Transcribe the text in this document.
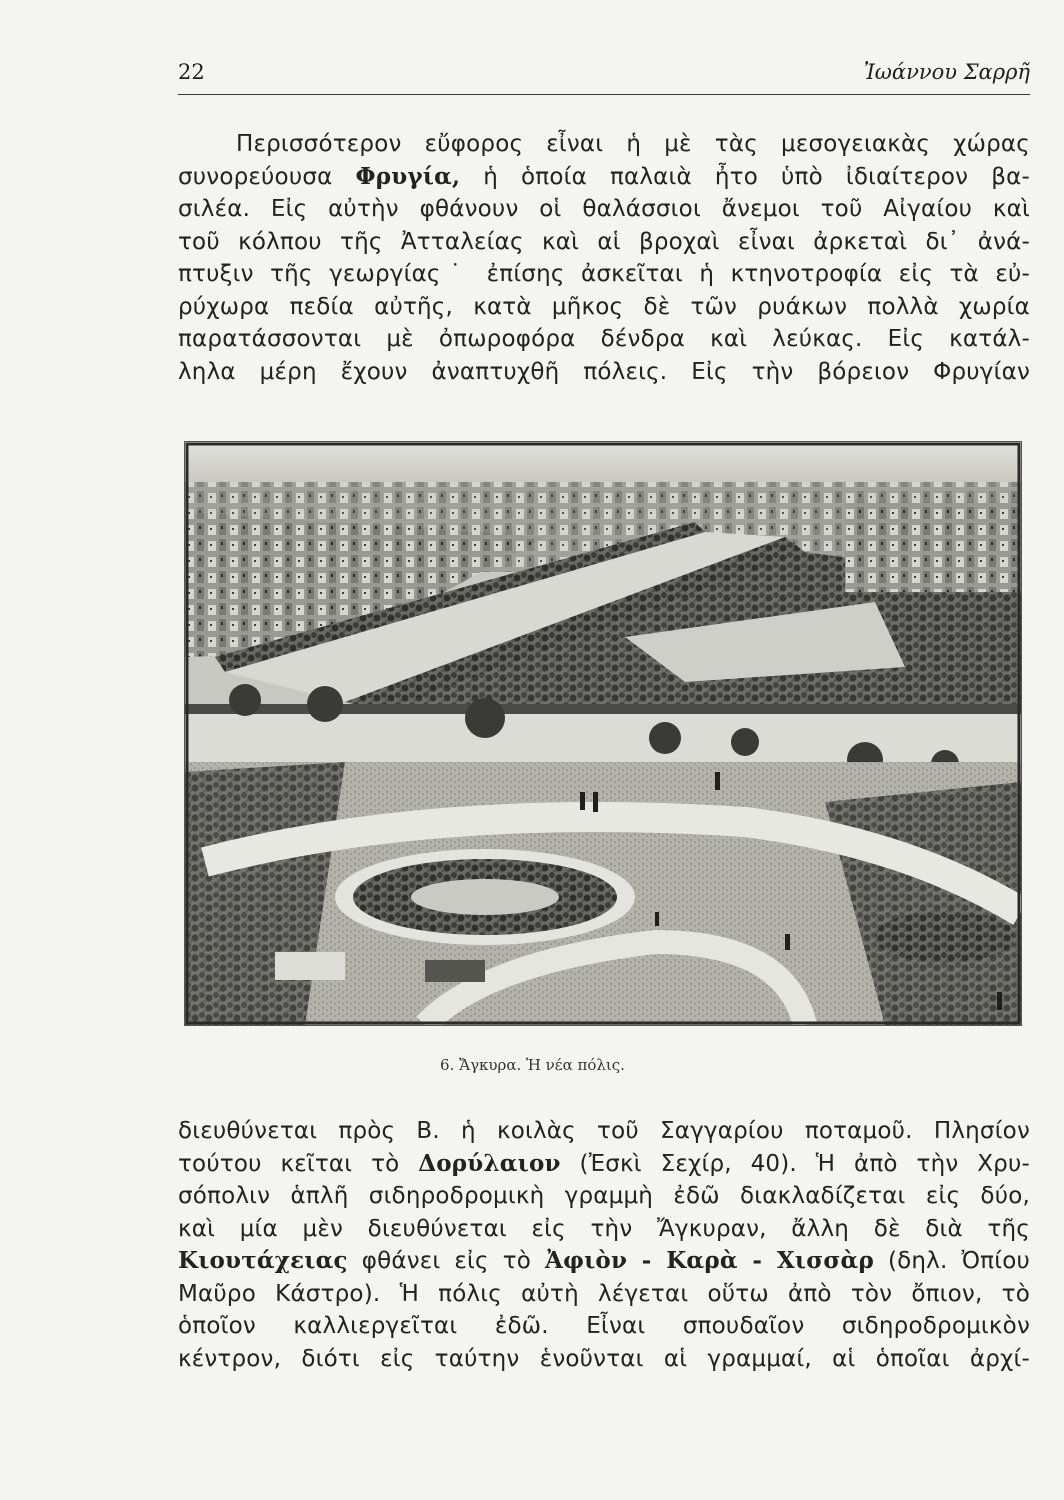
22	Ἰωάννου Σαρρῆ

Περισσότερον εὔφορος εἶναι ἡ μὲ τὰς μεσογειακὰς χώρας
συνορεύουσα Φρυγία, ἡ ὁποία παλαιὰ ἦτο ὑπὸ ἰδιαίτερον βα-
σιλέα. Εἰς αὐτὴν φθάνουν οἱ θαλάσσιοι ἄνεμοι τοῦ Αἰγαίου καὶ
τοῦ κόλπου τῆς Ἀτταλείας καὶ αἱ βροχαὶ εἶναι ἀρκεταὶ δι᾿ ἀνά-
πτυξιν τῆς γεωργίας˙ ἐπίσης ἀσκεῖται ἡ κτηνοτροφία εἰς τὰ εὐ-
ρύχωρα πεδία αὐτῆς, κατὰ μῆκος δὲ τῶν ρυάκων πολλὰ χωρία
παρατάσσονται μὲ ὀπωροφόρα δένδρα καὶ λεύκας. Εἰς κατάλ-
ληλα μέρη ἔχουν ἀναπτυχθῆ πόλεις. Εἰς τὴν βόρειον Φρυγίαν

6. Ἄγκυρα. Ἡ νέα πόλις.

διευθύνεται πρὸς Β. ἡ κοιλὰς τοῦ Σαγγαρίου ποταμοῦ. Πλησίον
τούτου κεῖται τὸ Δορύλαιον (Ἐσκὶ Σεχίρ, 40). Ἡ ἀπὸ τὴν Χρυ-
σόπολιν ἁπλῆ σιδηροδρομικὴ γραμμὴ ἐδῶ διακλαδίζεται εἰς δύο,
καὶ μία μὲν διευθύνεται εἰς τὴν Ἄγκυραν, ἄλλη δὲ διὰ τῆς
Κιουτάχειας φθάνει εἰς τὸ Ἀφιὸν - Καρὰ - Χισσὰρ (δηλ. Ὀπίου
Μαῦρο Κάστρο). Ἡ πόλις αὐτὴ λέγεται οὕτω ἀπὸ τὸν ὄπιον, τὸ
ὁποῖον καλλιεργεῖται ἐδῶ. Εἶναι σπουδαῖον σιδηροδρομικὸν
κέντρον, διότι εἰς ταύτην ἑνοῦνται αἱ γραμμαί, αἱ ὁποῖαι ἀρχί-
